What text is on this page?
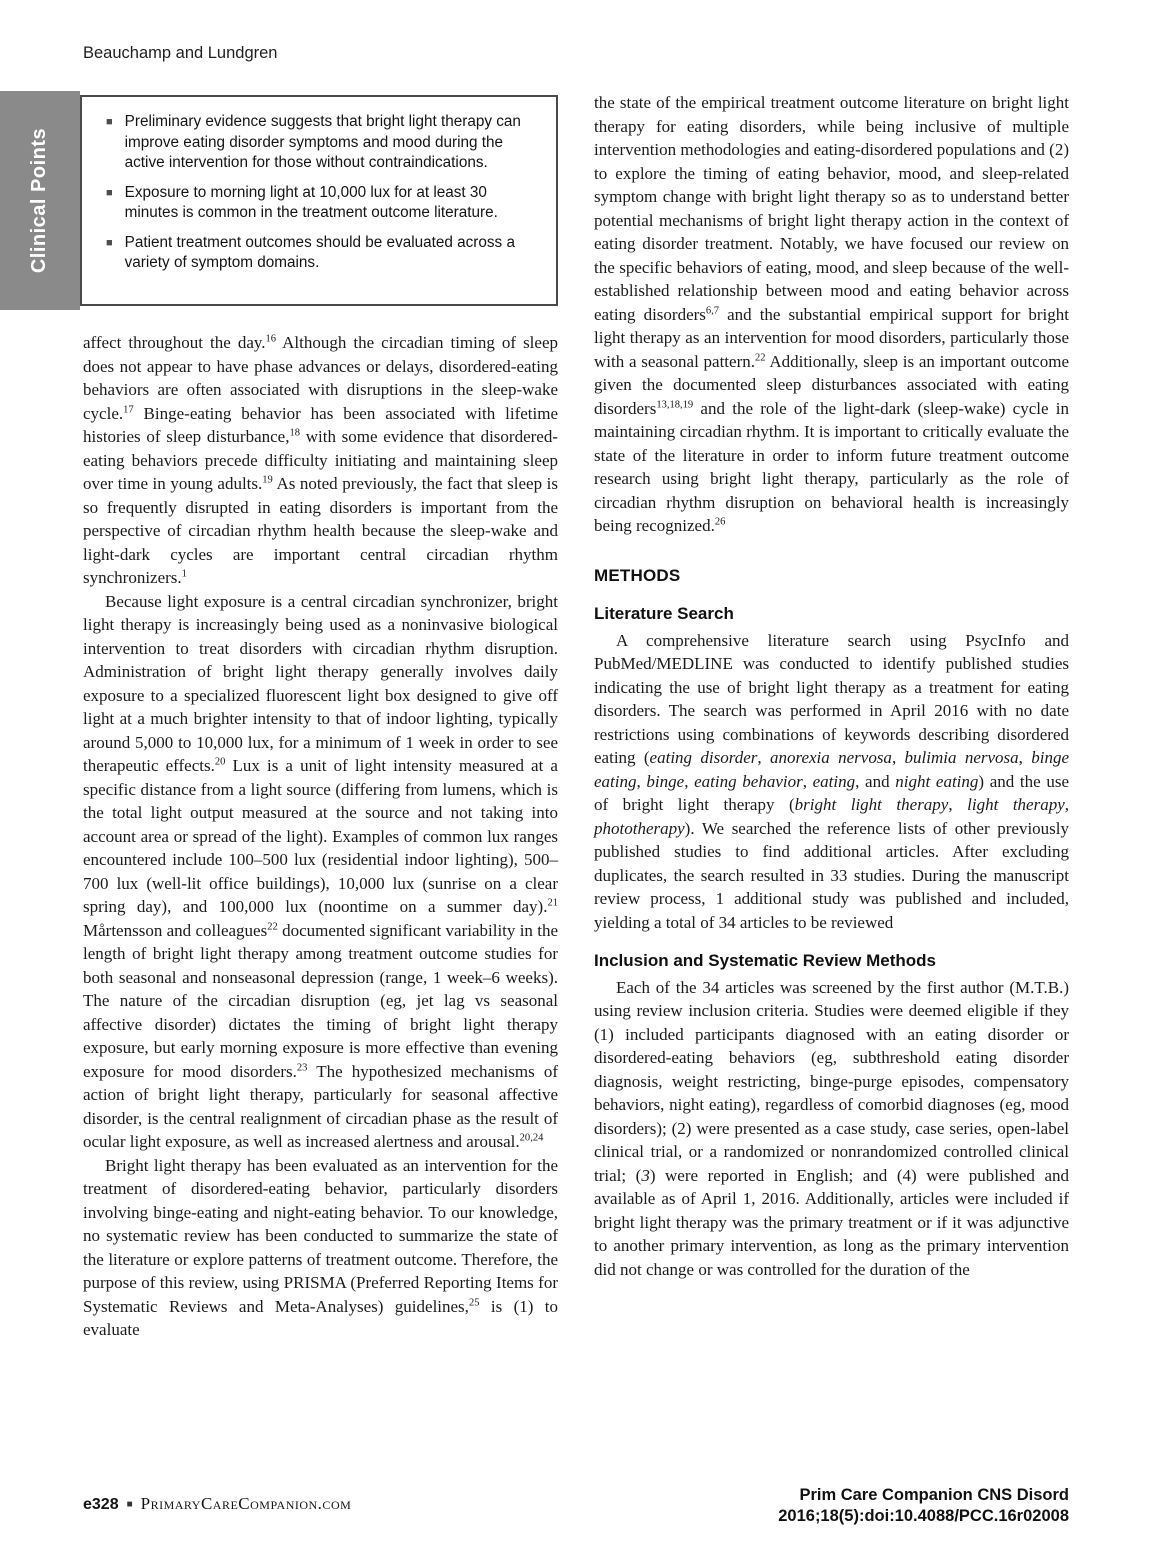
Beauchamp and Lundgren
Clinical Points
■ Preliminary evidence suggests that bright light therapy can improve eating disorder symptoms and mood during the active intervention for those without contraindications.
■ Exposure to morning light at 10,000 lux for at least 30 minutes is common in the treatment outcome literature.
■ Patient treatment outcomes should be evaluated across a variety of symptom domains.

affect throughout the day.$^{16}$ Although the circadian timing of sleep does not appear to have phase advances or delays, disordered-eating behaviors are often associated with disruptions in the sleep-wake cycle.$^{17}$ Binge-eating behavior has been associated with lifetime histories of sleep disturbance,$^{18}$ with some evidence that disordered-eating behaviors precede difficulty initiating and maintaining sleep over time in young adults.$^{19}$ As noted previously, the fact that sleep is so frequently disrupted in eating disorders is important from the perspective of circadian rhythm health because the sleep-wake and light-dark cycles are important central circadian rhythm synchronizers.$^1$

Because light exposure is a central circadian synchronizer, bright light therapy is increasingly being used as a noninvasive biological intervention to treat disorders with circadian rhythm disruption. Administration of bright light therapy generally involves daily exposure to a specialized fluorescent light box designed to give off light at a much brighter intensity to that of indoor lighting, typically around 5,000 to 10,000 lux, for a minimum of 1 week in order to see therapeutic effects.$^{20}$ Lux is a unit of light intensity measured at a specific distance from a light source (differing from lumens, which is the total light output measured at the source and not taking into account area or spread of the light). Examples of common lux ranges encountered include 100–500 lux (residential indoor lighting), 500–700 lux (well-lit office buildings), 10,000 lux (sunrise on a clear spring day), and 100,000 lux (noontime on a summer day).$^{21}$ Mårtensson and colleagues$^{22}$ documented significant variability in the length of bright light therapy among treatment outcome studies for both seasonal and nonseasonal depression (range, 1 week–6 weeks). The nature of the circadian disruption (eg, jet lag vs seasonal affective disorder) dictates the timing of bright light therapy exposure, but early morning exposure is more effective than evening exposure for mood disorders.$^{23}$ The hypothesized mechanisms of action of bright light therapy, particularly for seasonal affective disorder, is the central realignment of circadian phase as the result of ocular light exposure, as well as increased alertness and arousal.$^{20,24}$

Bright light therapy has been evaluated as an intervention for the treatment of disordered-eating behavior, particularly disorders involving binge-eating and night-eating behavior. To our knowledge, no systematic review has been conducted to summarize the state of the literature or explore patterns of treatment outcome. Therefore, the purpose of this review, using PRISMA (Preferred Reporting Items for Systematic Reviews and Meta-Analyses) guidelines,$^{25}$ is (1) to evaluate

the state of the empirical treatment outcome literature on bright light therapy for eating disorders, while being inclusive of multiple intervention methodologies and eating-disordered populations and (2) to explore the timing of eating behavior, mood, and sleep-related symptom change with bright light therapy so as to understand better potential mechanisms of bright light therapy action in the context of eating disorder treatment. Notably, we have focused our review on the specific behaviors of eating, mood, and sleep because of the well-established relationship between mood and eating behavior across eating disorders$^{6,7}$ and the substantial empirical support for bright light therapy as an intervention for mood disorders, particularly those with a seasonal pattern.$^{22}$ Additionally, sleep is an important outcome given the documented sleep disturbances associated with eating disorders$^{13,18,19}$ and the role of the light-dark (sleep-wake) cycle in maintaining circadian rhythm. It is important to critically evaluate the state of the literature in order to inform future treatment outcome research using bright light therapy, particularly as the role of circadian rhythm disruption on behavioral health is increasingly being recognized.$^{26}$

METHODS
Literature Search

A comprehensive literature search using PsycInfo and PubMed/MEDLINE was conducted to identify published studies indicating the use of bright light therapy as a treatment for eating disorders. The search was performed in April 2016 with no date restrictions using combinations of keywords describing disordered eating (eating disorder, anorexia nervosa, bulimia nervosa, binge eating, binge, eating behavior, eating, and night eating) and the use of bright light therapy (bright light therapy, light therapy, phototherapy). We searched the reference lists of other previously published studies to find additional articles. After excluding duplicates, the search resulted in 33 studies. During the manuscript review process, 1 additional study was published and included, yielding a total of 34 articles to be reviewed

Inclusion and Systematic Review Methods

Each of the 34 articles was screened by the first author (M.T.B.) using review inclusion criteria. Studies were deemed eligible if they (1) included participants diagnosed with an eating disorder or disordered-eating behaviors (eg, subthreshold eating disorder diagnosis, weight restricting, binge-purge episodes, compensatory behaviors, night eating), regardless of comorbid diagnoses (eg, mood disorders); (2) were presented as a case study, case series, open-label clinical trial, or a randomized or nonrandomized controlled clinical trial; (3) were reported in English; and (4) were published and available as of April 1, 2016. Additionally, articles were included if bright light therapy was the primary treatment or if it was adjunctive to another primary intervention, as long as the primary intervention did not change or was controlled for the duration of the

e328 ■ PrimaryCareCompanion.com	Prim Care Companion CNS Disord
2016;18(5):doi:10.4088/PCC.16r02008
